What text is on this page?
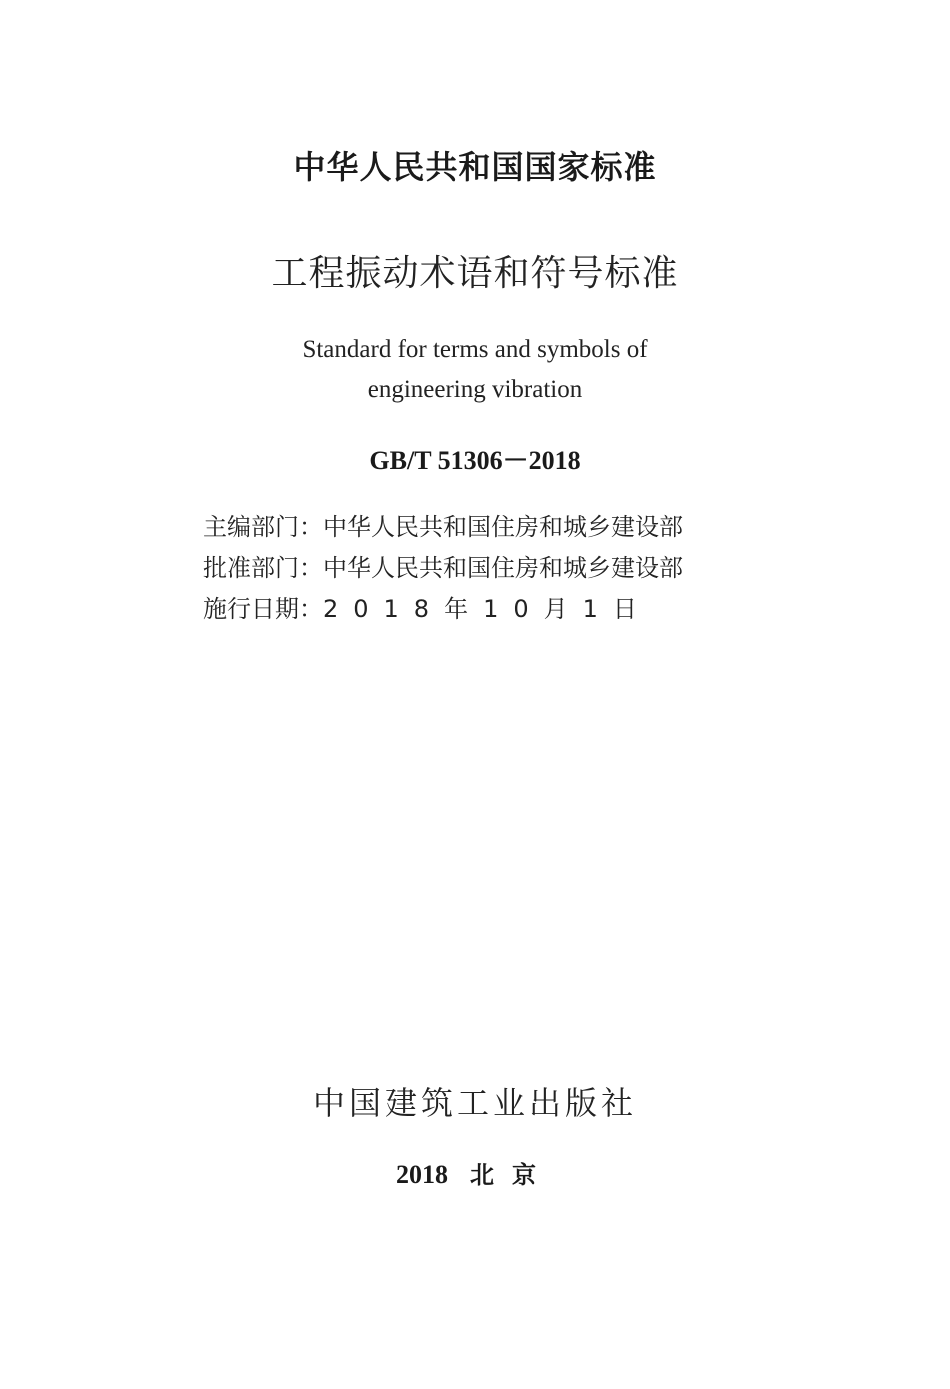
中华人民共和国国家标准
工程振动术语和符号标准
Standard for terms and symbols of
engineering vibration
GB/T 51306－2018
主编部门：中华人民共和国住房和城乡建设部
批准部门：中华人民共和国住房和城乡建设部
施行日期：2018年10月1日
中国建筑工业出版社
2018 北京
